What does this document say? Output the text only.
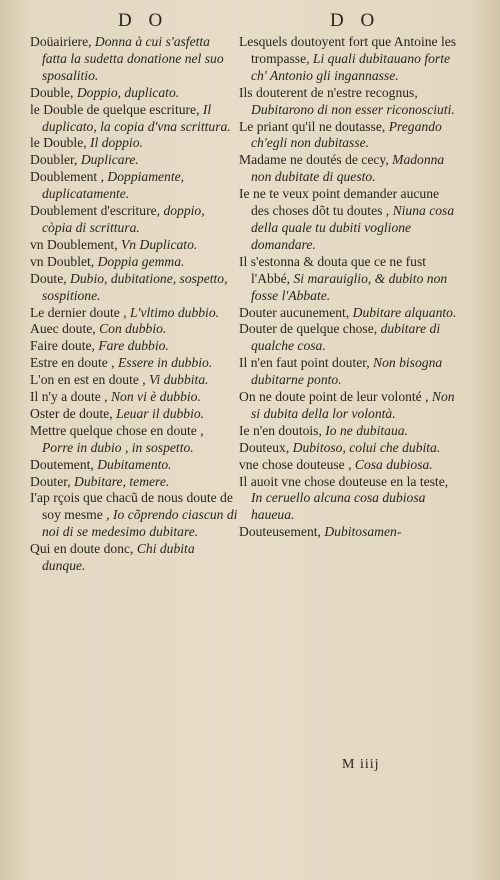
D O	D O

Doüairiere, Donna à cui s'asfetta fatta la sudetta donatione nel suo sposalitio.

Double, Doppio, duplicato.

le Double de quelque escriture, Il duplicato, la copia d'vna scrittura.

le Double, Il doppio.

Doubler, Duplicare.

Doublement , Doppiamente, duplicatamente.

Doublement d'escriture, doppio, còpia di scrittura.

vn Doublement, Vn Duplicato.

vn Doublet, Doppia gemma.

Doute, Dubio, dubitatione, sospetto, sospitione.

Le dernier doute , L'vltimo dubbio.

Auec doute, Con dubbio.

Faire doute, Fare dubbio.

Estre en doute , Essere in dubbio.

L'on en est en doute , Vi dubbita.

Il n'y a doute , Non vi è dubbio.

Oster de doute, Leuar il dubbio.

Mettre quelque chose en doute , Porre in dubio , in sospetto.

Doutement, Dubitamento.

Douter, Dubitare, temere.

I'ap rçois que chacũ de nous doute de soy mesme , Io cõprendo ciascun di noi di se medesimo dubitare.

Qui en doute donc, Chi dubita dunque.

Lesquels doutoyent fort que Antoine les trompasse, Li quali dubitauano forte ch' Antonio gli ingannasse.

Ils douterent de n'estre recognus, Dubitarono di non esser riconosciuti.

Le priant qu'il ne doutasse, Pregando ch'egli non dubitasse.

Madame ne doutés de cecy, Madonna non dubitate di questo.

Ie ne te veux point demander aucune des choses dõt tu doutes , Niuna cosa della quale tu dubiti voglione domandare.

Il s'estonna & douta que ce ne fust l'Abbé, Si marauiglio, & dubito non fosse l'Abbate.

Douter aucunement, Dubitare alquanto.

Douter de quelque chose, dubitare di qualche cosa.

Il n'en faut point douter, Non bisogna dubitarne ponto.

On ne doute point de leur volonté , Non si dubita della lor volontà.

Ie n'en doutois, Io ne dubitaua.

Douteux, Dubitoso, colui che dubita.

vne chose douteuse , Cosa dubiosa.

Il auoit vne chose douteuse en la teste, In ceruello alcuna cosa dubiosa haueua.

Douteusement, Dubitosamen-

M iiij
